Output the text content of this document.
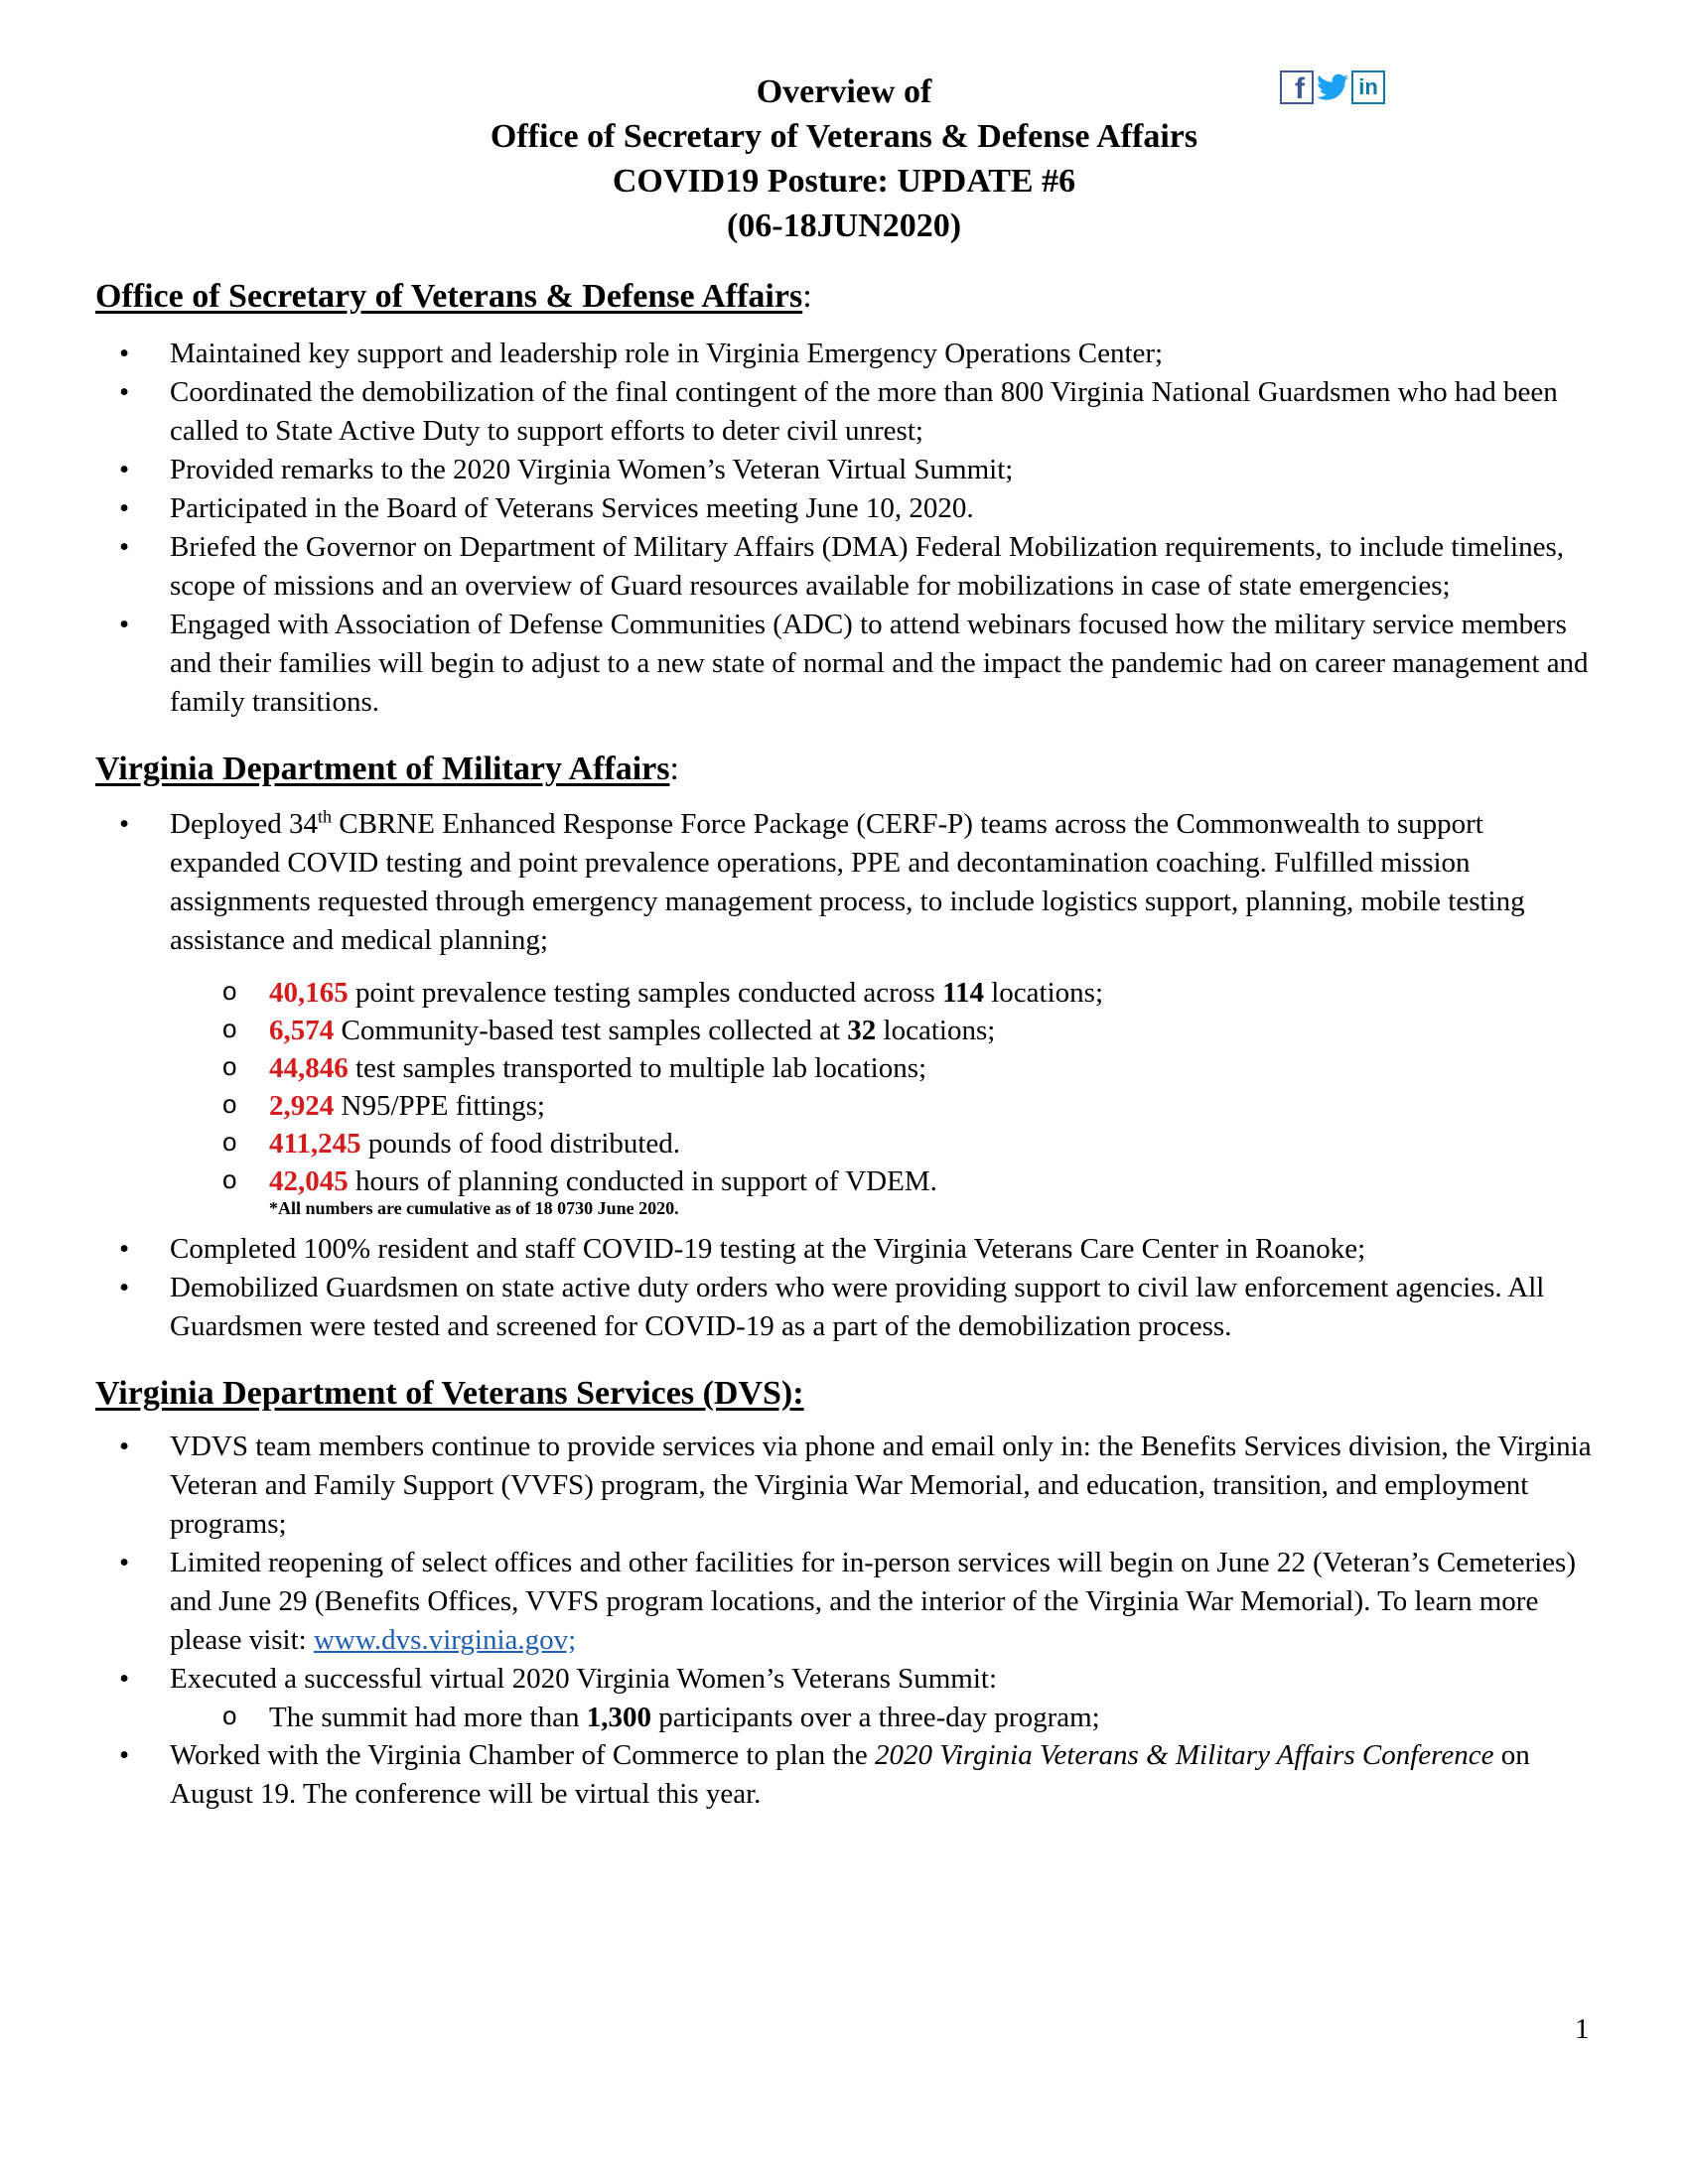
Overview of
Office of Secretary of Veterans & Defense Affairs
COVID19 Posture: UPDATE #6
(06-18JUN2020)
f	in
Office of Secretary of Veterans & Defense Affairs:
• Maintained key support and leadership role in Virginia Emergency Operations Center;
• Coordinated the demobilization of the final contingent of the more than 800 Virginia National Guardsmen who had been called to State Active Duty to support efforts to deter civil unrest;
• Provided remarks to the 2020 Virginia Women’s Veteran Virtual Summit;
• Participated in the Board of Veterans Services meeting June 10, 2020.
• Briefed the Governor on Department of Military Affairs (DMA) Federal Mobilization requirements, to include timelines, scope of missions and an overview of Guard resources available for mobilizations in case of state emergencies;
• Engaged with Association of Defense Communities (ADC) to attend webinars focused how the military service members and their families will begin to adjust to a new state of normal and the impact the pandemic had on career management and family transitions.
Virginia Department of Military Affairs:
• Deployed 34th CBRNE Enhanced Response Force Package (CERF-P) teams across the Commonwealth to support expanded COVID testing and point prevalence operations, PPE and decontamination coaching. Fulfilled mission assignments requested through emergency management process, to include logistics support, planning, mobile testing assistance and medical planning;
o 40,165 point prevalence testing samples conducted across 114 locations;
o 6,574 Community-based test samples collected at 32 locations;
o 44,846 test samples transported to multiple lab locations;
o 2,924 N95/PPE fittings;
o 411,245 pounds of food distributed.
o 42,045 hours of planning conducted in support of VDEM.
*All numbers are cumulative as of 18 0730 June 2020.
• Completed 100% resident and staff COVID-19 testing at the Virginia Veterans Care Center in Roanoke;
• Demobilized Guardsmen on state active duty orders who were providing support to civil law enforcement agencies. All Guardsmen were tested and screened for COVID-19 as a part of the demobilization process.
Virginia Department of Veterans Services (DVS):
• VDVS team members continue to provide services via phone and email only in: the Benefits Services division, the Virginia Veteran and Family Support (VVFS) program, the Virginia War Memorial, and education, transition, and employment programs;
• Limited reopening of select offices and other facilities for in-person services will begin on June 22 (Veteran’s Cemeteries) and June 29 (Benefits Offices, VVFS program locations, and the interior of the Virginia War Memorial). To learn more please visit: www.dvs.virginia.gov;
• Executed a successful virtual 2020 Virginia Women’s Veterans Summit:
o The summit had more than 1,300 participants over a three-day program;
• Worked with the Virginia Chamber of Commerce to plan the 2020 Virginia Veterans & Military Affairs Conference on August 19. The conference will be virtual this year.
1
